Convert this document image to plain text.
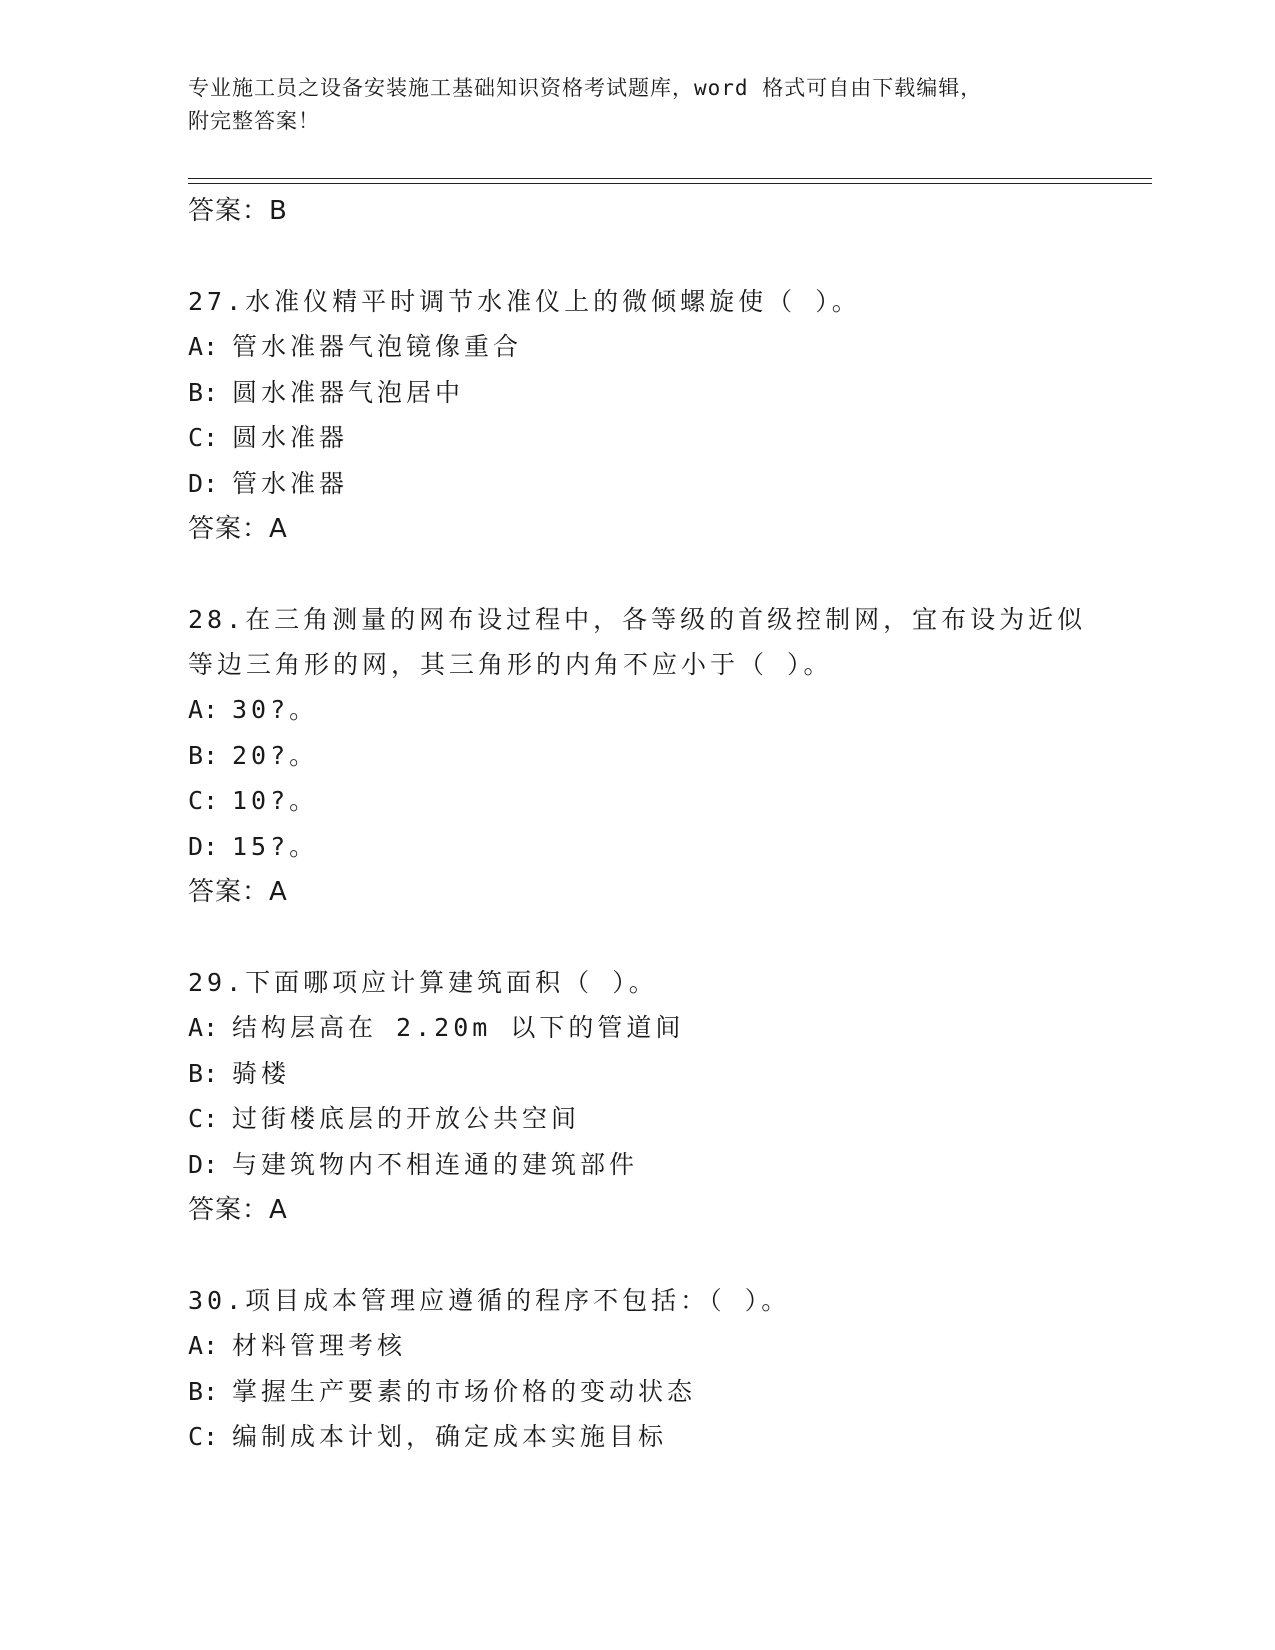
专业施工员之设备安装施工基础知识资格考试题库，word 格式可自由下载编辑，
附完整答案！
答案：B
27.水准仪精平时调节水准仪上的微倾螺旋使（ ）。
A: 管水准器气泡镜像重合
B: 圆水准器气泡居中
C: 圆水准器
D: 管水准器
答案：A
28.在三角测量的网布设过程中，各等级的首级控制网，宜布设为近似等边三角形的网，其三角形的内角不应小于（ ）。
A: 30?。
B: 20?。
C: 10?。
D: 15?。
答案：A
29.下面哪项应计算建筑面积（ ）。
A: 结构层高在 2.20m 以下的管道间
B: 骑楼
C: 过街楼底层的开放公共空间
D: 与建筑物内不相连通的建筑部件
答案：A
30.项目成本管理应遵循的程序不包括：（ ）。
A: 材料管理考核
B: 掌握生产要素的市场价格的变动状态
C: 编制成本计划，确定成本实施目标
